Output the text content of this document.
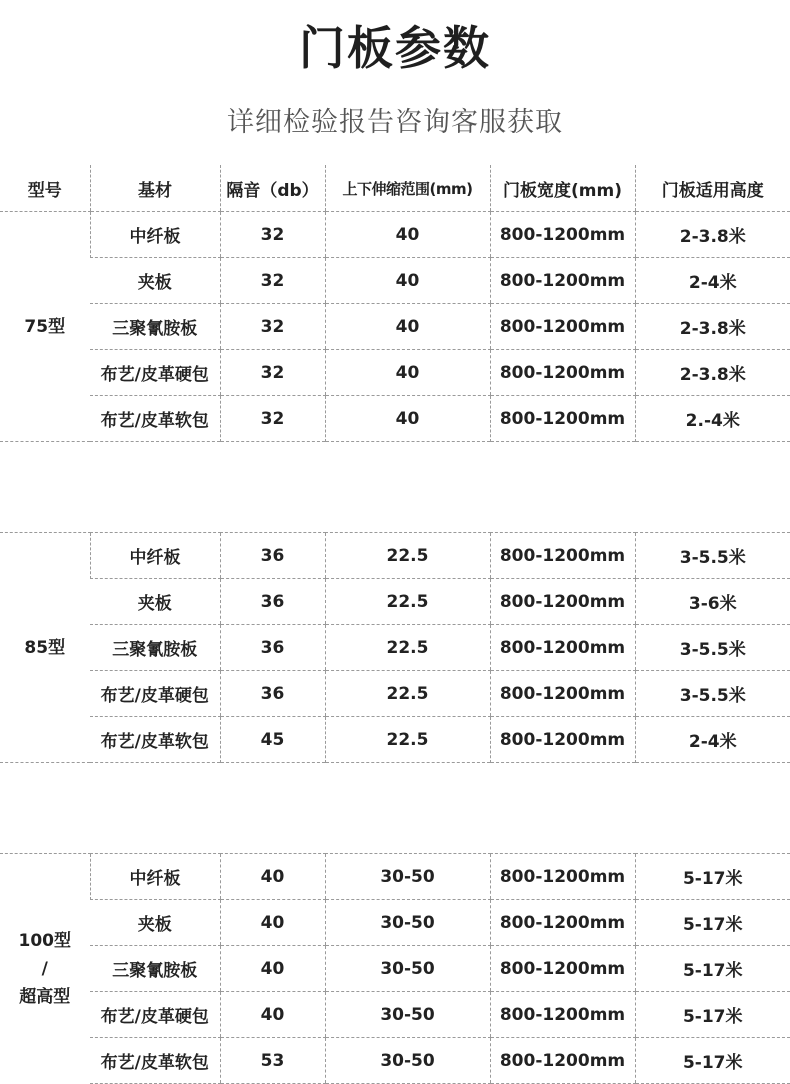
门板参数
详细检验报告咨询客服获取
型号	基材	隔音（db）	上下伸缩范围(mm)	门板宽度(mm)	门板适用高度

75型	中纤板	32	40	800-1200mm	2-3.8米
	夹板	32	40	800-1200mm	2-4米
	三聚氰胺板	32	40	800-1200mm	2-3.8米
	布艺/皮革硬包	32	40	800-1200mm	2-3.8米
	布艺/皮革软包	32	40	800-1200mm	2.-4米

85型	中纤板	36	22.5	800-1200mm	3-5.5米
	夹板	36	22.5	800-1200mm	3-6米
	三聚氰胺板	36	22.5	800-1200mm	3-5.5米
	布艺/皮革硬包	36	22.5	800-1200mm	3-5.5米
	布艺/皮革软包	45	22.5	800-1200mm	2-4米

100型
/
超高型	中纤板	40	30-50	800-1200mm	5-17米
	夹板	40	30-50	800-1200mm	5-17米
	三聚氰胺板	40	30-50	800-1200mm	5-17米
	布艺/皮革硬包	40	30-50	800-1200mm	5-17米
	布艺/皮革软包	53	30-50	800-1200mm	5-17米
